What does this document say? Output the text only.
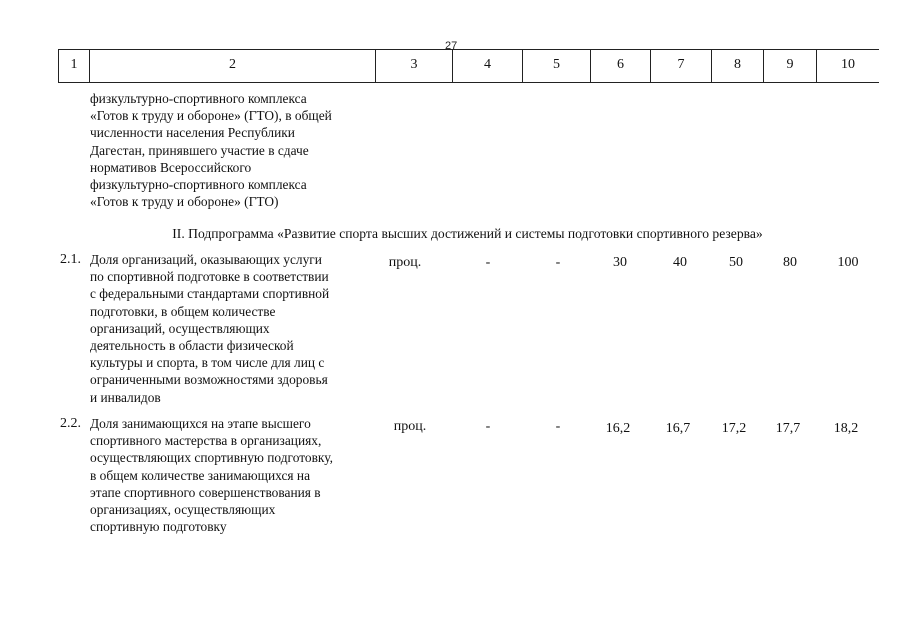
27
1	2	3	4	5	6	7	8	9	10
физкультурно-спортивного комплекса
«Готов к труду и обороне» (ГТО), в общей
численности населения Республики
Дагестан, принявшего участие в сдаче
нормативов Всероссийского
физкультурно-спортивного комплекса
«Готов к труду и обороне» (ГТО)
II. Подпрограмма «Развитие спорта высших достижений и системы подготовки спортивного резерва»
2.1. Доля организаций, оказывающих услуги
по спортивной подготовке в соответствии
с федеральными стандартами спортивной
подготовки, в общем количестве
организаций, осуществляющих
деятельность в области физической
культуры и спорта, в том числе для лиц с
ограниченными возможностями здоровья
и инвалидов
проц.	-	-	30	40	50	80	100
2.2. Доля занимающихся на этапе высшего
спортивного мастерства в организациях,
осуществляющих спортивную подготовку,
в общем количестве занимающихся на
этапе спортивного совершенствования в
организациях, осуществляющих
спортивную подготовку
проц.	-	-	16,2	16,7	17,2	17,7	18,2
